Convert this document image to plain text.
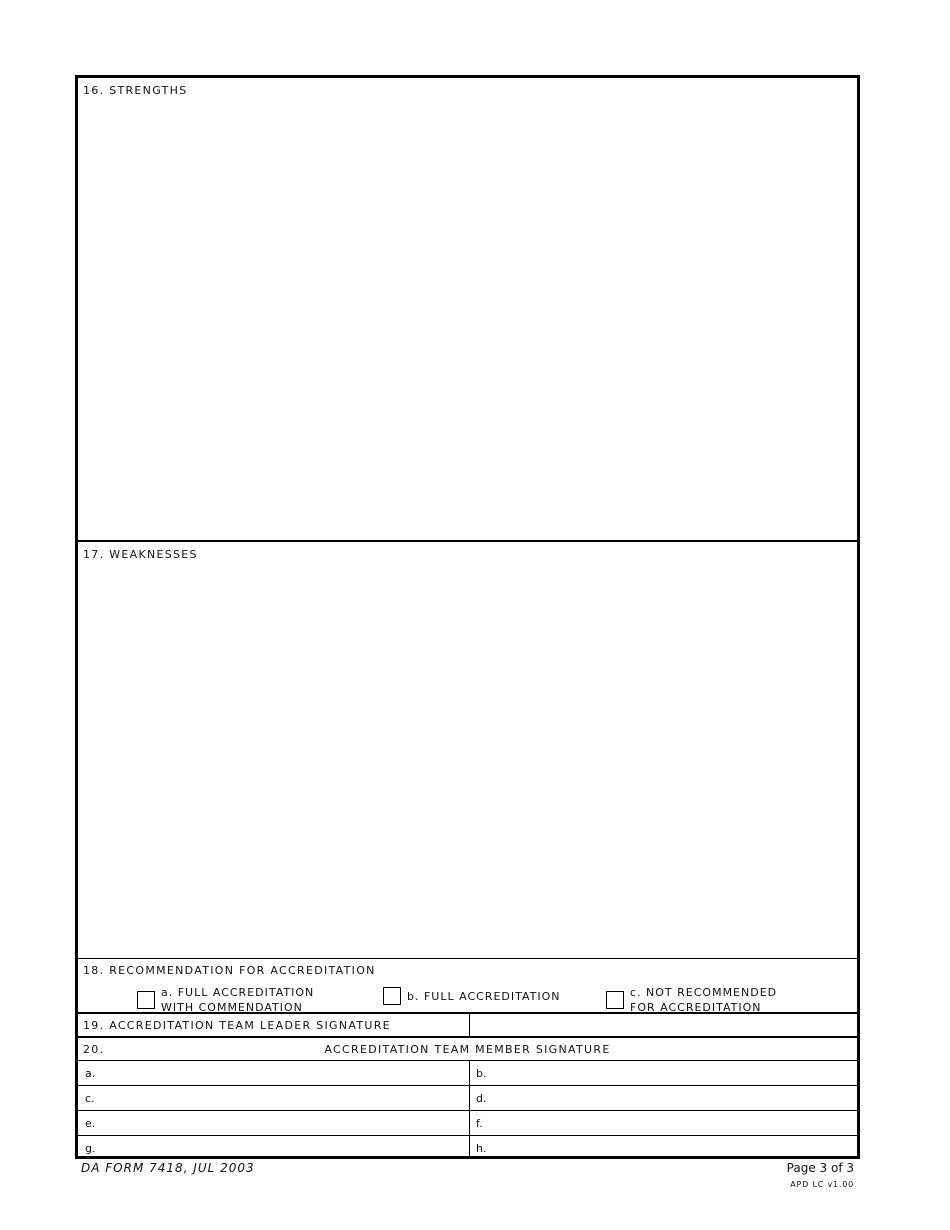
16. STRENGTHS
17. WEAKNESSES
18. RECOMMENDATION FOR ACCREDITATION
a. FULL ACCREDITATION
WITH COMMENDATION
b. FULL ACCREDITATION	c. NOT RECOMMENDED
FOR ACCREDITATION
19. ACCREDITATION TEAM LEADER SIGNATURE
20.	ACCREDITATION TEAM MEMBER SIGNATURE
a.	b.
c.	d.
e.	f.
g.	h.
DA FORM 7418, JUL 2003	Page 3 of 3
APD LC v1.00
